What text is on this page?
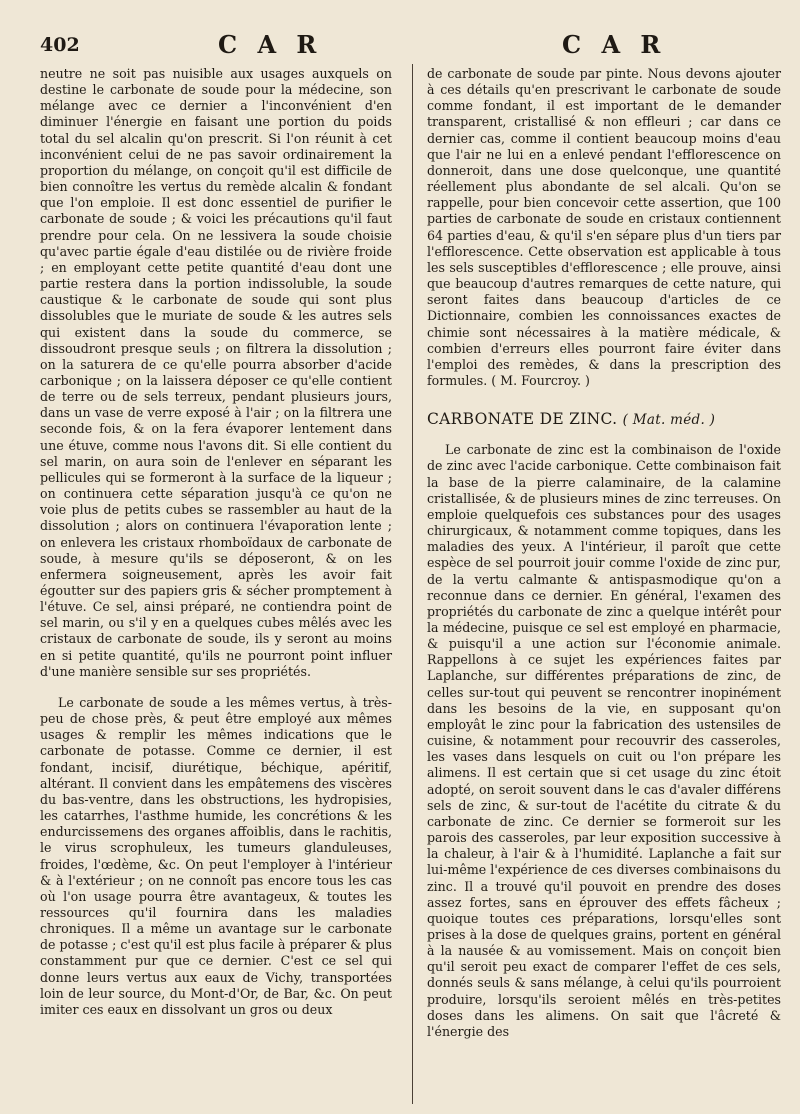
402	C A R	C A R

neutre ne soit pas nuisible aux usages auxquels on destine le carbonate de soude pour la médecine, son mélange avec ce dernier a l'inconvénient d'en diminuer l'énergie en faisant une portion du poids total du sel alcalin qu'on prescrit. Si l'on réunit à cet inconvénient celui de ne pas savoir ordinairement la proportion du mélange, on conçoit qu'il est difficile de bien connoître les vertus du remède alcalin & fondant que l'on emploie. Il est donc essentiel de purifier le carbonate de soude ; & voici les précautions qu'il faut prendre pour cela. On ne lessivera la soude choisie qu'avec partie égale d'eau distilée ou de rivière froide ; en employant cette petite quantité d'eau dont une partie restera dans la portion indissoluble, la soude caustique & le carbonate de soude qui sont plus dissolubles que le muriate de soude & les autres sels qui existent dans la soude du commerce, se dissoudront presque seuls ; on filtrera la dissolution ; on la saturera de ce qu'elle pourra absorber d'acide carbonique ; on la laissera déposer ce qu'elle contient de terre ou de sels terreux, pendant plusieurs jours, dans un vase de verre exposé à l'air ; on la filtrera une seconde fois, & on la fera évaporer lentement dans une étuve, comme nous l'avons dit. Si elle contient du sel marin, on aura soin de l'enlever en séparant les pellicules qui se formeront à la surface de la liqueur ; on continuera cette séparation jusqu'à ce qu'on ne voie plus de petits cubes se rassembler au haut de la dissolution ; alors on continuera l'évaporation lente ; on enlevera les cristaux rhomboïdaux de carbonate de soude, à mesure qu'ils se déposeront, & on les enfermera soigneusement, après les avoir fait égoutter sur des papiers gris & sécher promptement à l'étuve. Ce sel, ainsi préparé, ne contiendra point de sel marin, ou s'il y en a quelques cubes mêlés avec les cristaux de carbonate de soude, ils y seront au moins en si petite quantité, qu'ils ne pourront point influer d'une manière sensible sur ses propriétés.

Le carbonate de soude a les mêmes vertus, à très-peu de chose près, & peut être employé aux mêmes usages & remplir les mêmes indications que le carbonate de potasse. Comme ce dernier, il est fondant, incisif, diurétique, béchique, apéritif, altérant. Il convient dans les empâtemens des viscères du bas-ventre, dans les obstructions, les hydropisies, les catarrhes, l'asthme humide, les concrétions & les endurcissemens des organes affoiblis, dans le rachitis, le virus scrophuleux, les tumeurs glanduleuses, froides, l'œdème, &c. On peut l'employer à l'intérieur & à l'extérieur ; on ne connoît pas encore tous les cas où l'on usage pourra être avantageux, & toutes les ressources qu'il fournira dans les maladies chroniques. Il a même un avantage sur le carbonate de potasse ; c'est qu'il est plus facile à préparer & plus constamment pur que ce dernier. C'est ce sel qui donne leurs vertus aux eaux de Vichy, transportées loin de leur source, du Mont-d'Or, de Bar, &c. On peut imiter ces eaux en dissolvant un gros ou deux

de carbonate de soude par pinte. Nous devons ajouter à ces détails qu'en prescrivant le carbonate de soude comme fondant, il est important de le demander transparent, cristallisé & non effleuri ; car dans ce dernier cas, comme il contient beaucoup moins d'eau que l'air ne lui en a enlevé pendant l'efflorescence on donneroit, dans une dose quelconque, une quantité réellement plus abondante de sel alcali. Qu'on se rappelle, pour bien concevoir cette assertion, que 100 parties de carbonate de soude en cristaux contiennent 64 parties d'eau, & qu'il s'en sépare plus d'un tiers par l'efflorescence. Cette observation est applicable à tous les sels susceptibles d'efflorescence ; elle prouve, ainsi que beaucoup d'autres remarques de cette nature, qui seront faites dans beaucoup d'articles de ce Dictionnaire, combien les connoissances exactes de chimie sont nécessaires à la matière médicale, & combien d'erreurs elles pourront faire éviter dans l'emploi des remèdes, & dans la prescription des formules. ( M. Fourcroy. )

CARBONATE DE ZINC. ( Mat. méd. )

Le carbonate de zinc est la combinaison de l'oxide de zinc avec l'acide carbonique. Cette combinaison fait la base de la pierre calaminaire, de la calamine cristallisée, & de plusieurs mines de zinc terreuses. On emploie quelquefois ces substances pour des usages chirurgicaux, & notamment comme topiques, dans les maladies des yeux. A l'intérieur, il paroît que cette espèce de sel pourroit jouir comme l'oxide de zinc pur, de la vertu calmante & antispasmodique qu'on a reconnue dans ce dernier. En général, l'examen des propriétés du carbonate de zinc a quelque intérêt pour la médecine, puisque ce sel est employé en pharmacie, & puisqu'il a une action sur l'économie animale. Rappellons à ce sujet les expériences faites par Laplanche, sur différentes préparations de zinc, de celles sur-tout qui peuvent se rencontrer inopinément dans les besoins de la vie, en supposant qu'on employât le zinc pour la fabrication des ustensiles de cuisine, & notamment pour recouvrir des casseroles, les vases dans lesquels on cuit ou l'on prépare les alimens. Il est certain que si cet usage du zinc étoit adopté, on seroit souvent dans le cas d'avaler différens sels de zinc, & sur-tout de l'acétite du citrate & du carbonate de zinc. Ce dernier se formeroit sur les parois des casseroles, par leur exposition successive à la chaleur, à l'air & à l'humidité. Laplanche a fait sur lui-même l'expérience de ces diverses combinaisons du zinc. Il a trouvé qu'il pouvoit en prendre des doses assez fortes, sans en éprouver des effets fâcheux ; quoique toutes ces préparations, lorsqu'elles sont prises à la dose de quelques grains, portent en général à la nausée & au vomissement. Mais on conçoit bien qu'il seroit peu exact de comparer l'effet de ces sels, donnés seuls & sans mélange, à celui qu'ils pourroient produire, lorsqu'ils seroient mêlés en très-petites doses dans les alimens. On sait que l'âcreté & l'énergie des
